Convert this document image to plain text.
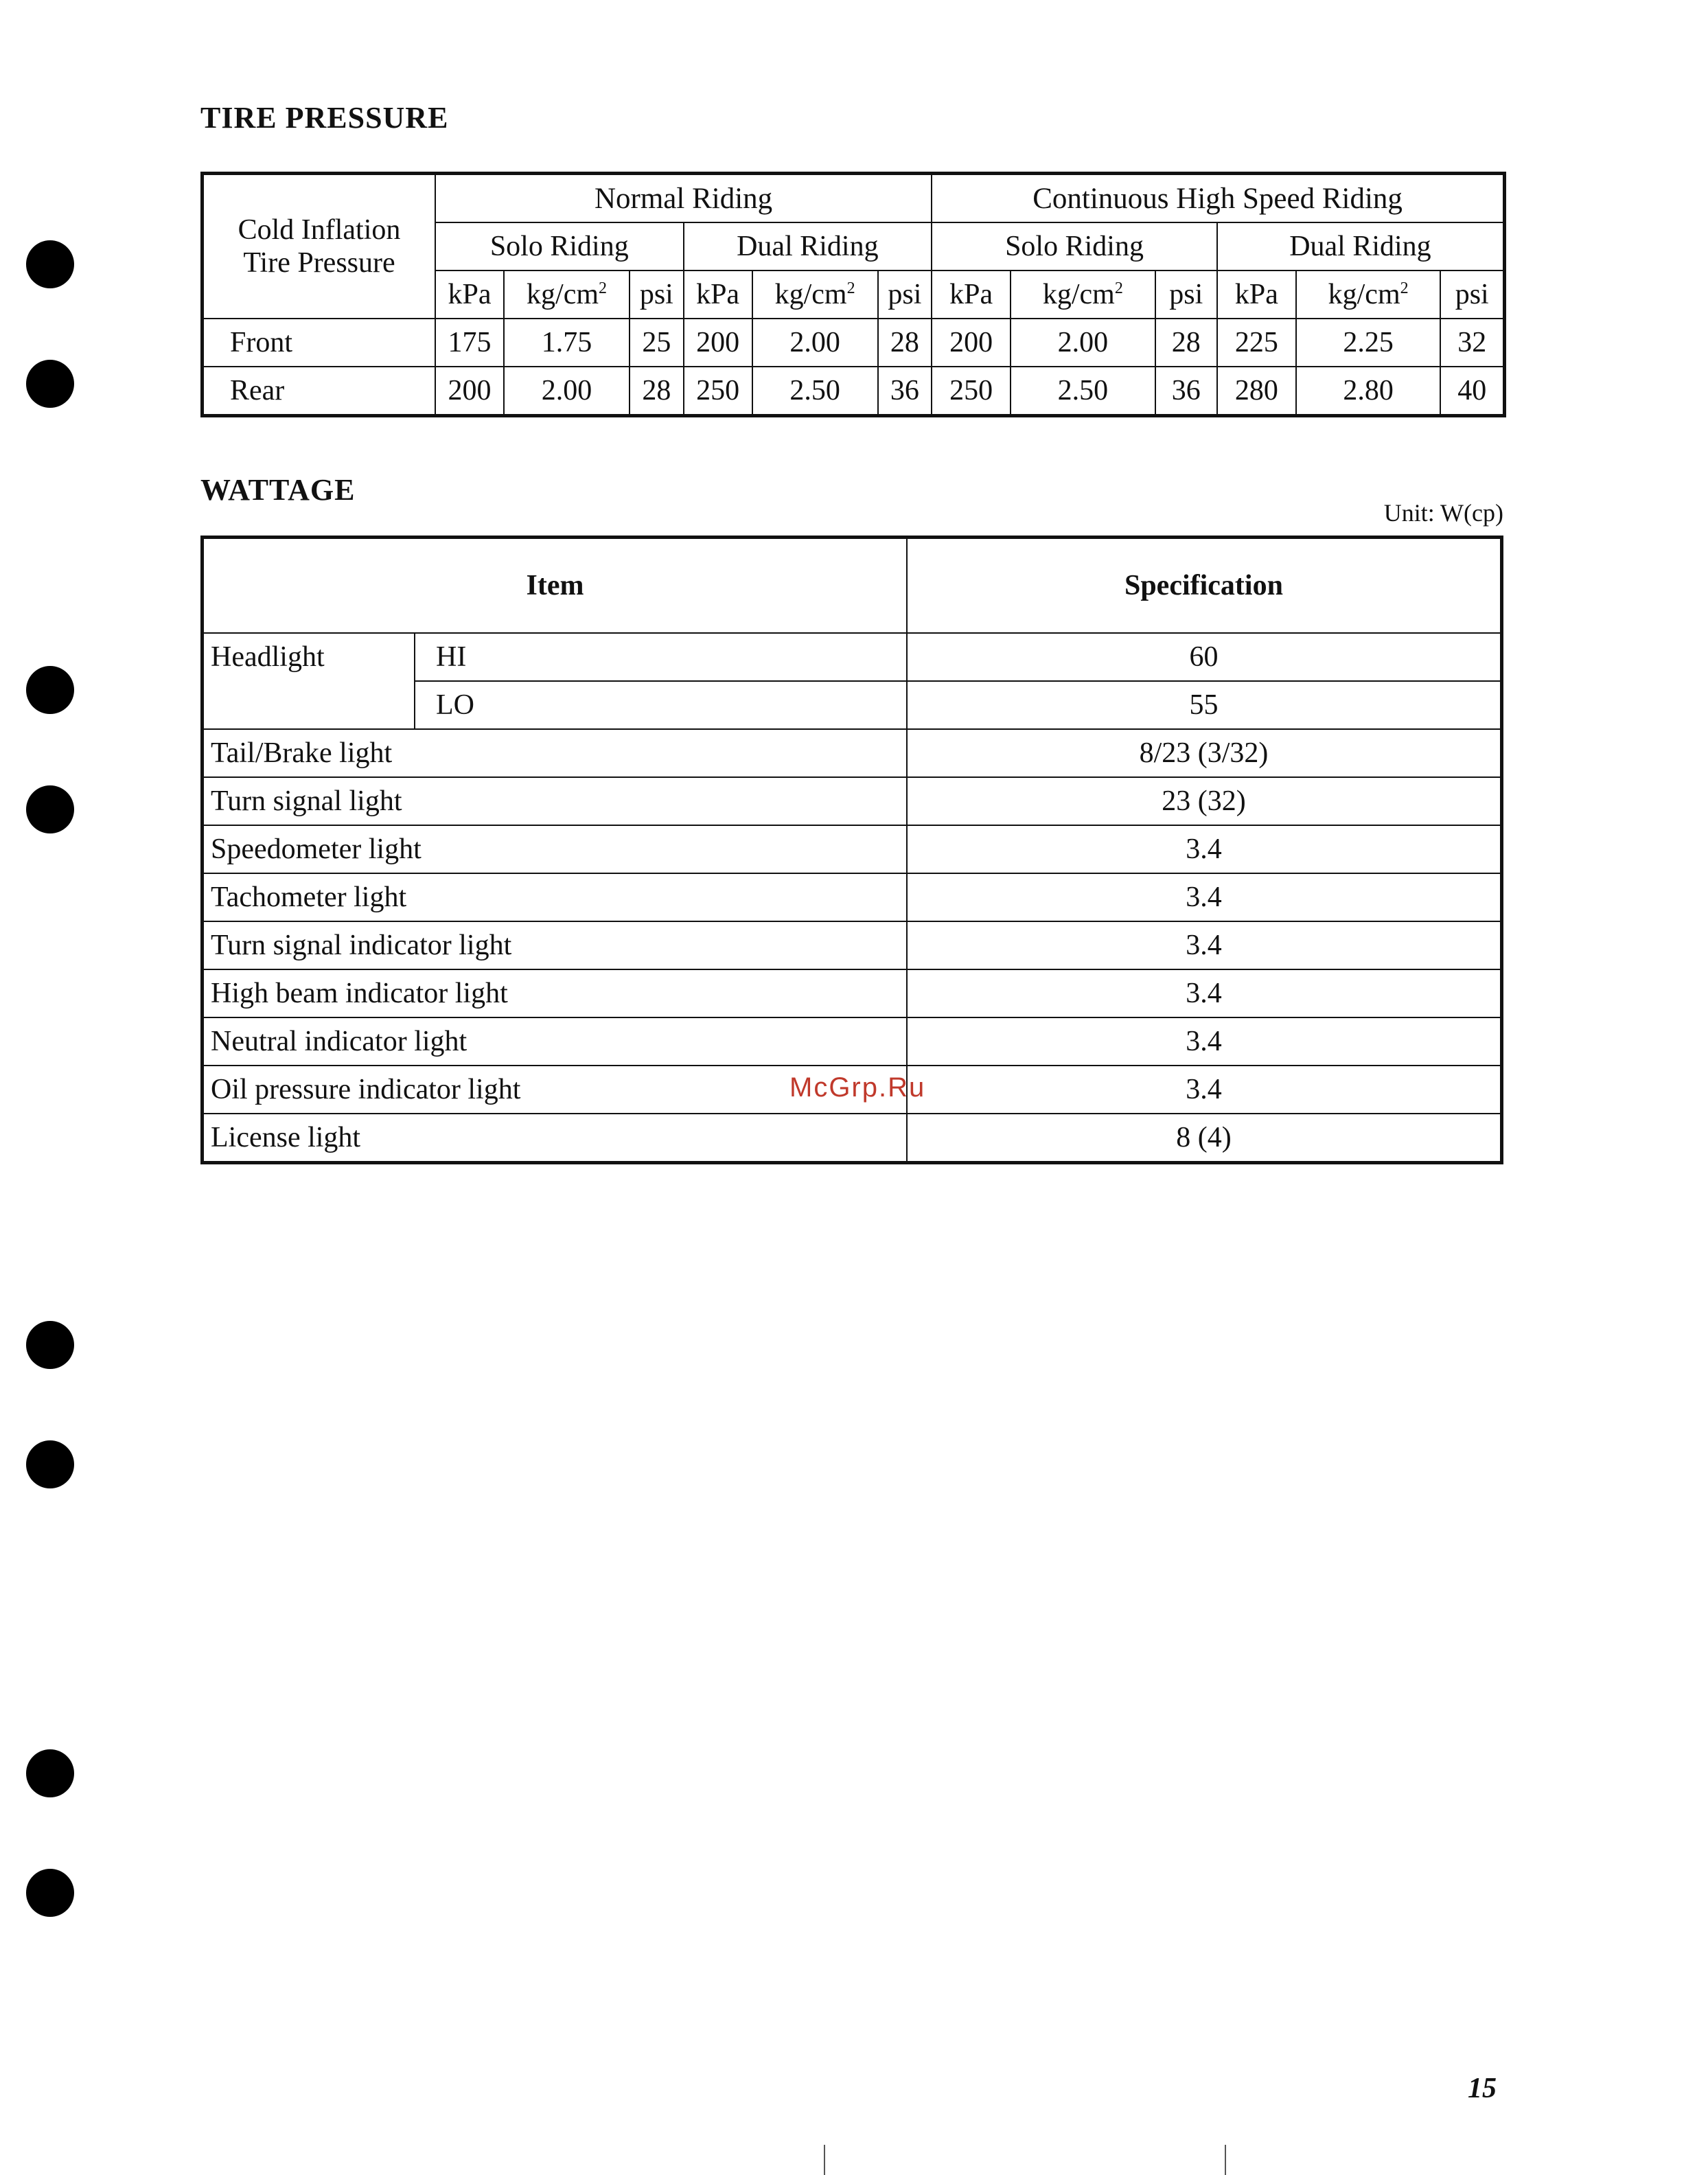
TIRE PRESSURE
Cold Inflation
Tire Pressure	Normal Riding						Continuous High Speed Riding					
	Solo Riding			Dual Riding			Solo Riding			Dual Riding		
	kPa	$kg/cm^2$	psi	kPa	$kg/cm^2$	psi	kPa	$kg/cm^2$	psi	kPa	$kg/cm^2$	psi
Front	175	1.75	25	200	2.00	28	200	2.00	28	225	2.25	32
Rear	200	2.00	28	250	2.50	36	250	2.50	36	280	2.80	40
WATTAGE
Unit: W(cp)
Item		Specification
Headlight	HI	60
	LO	55
Tail/Brake light		8/23 (3/32)
Turn signal light		23 (32)
Speedometer light		3.4
Tachometer light		3.4
Turn signal indicator light		3.4
High beam indicator light		3.4
Neutral indicator light		3.4
Oil pressure indicator light		3.4
License light		8 (4)
McGrp.Ru
15
